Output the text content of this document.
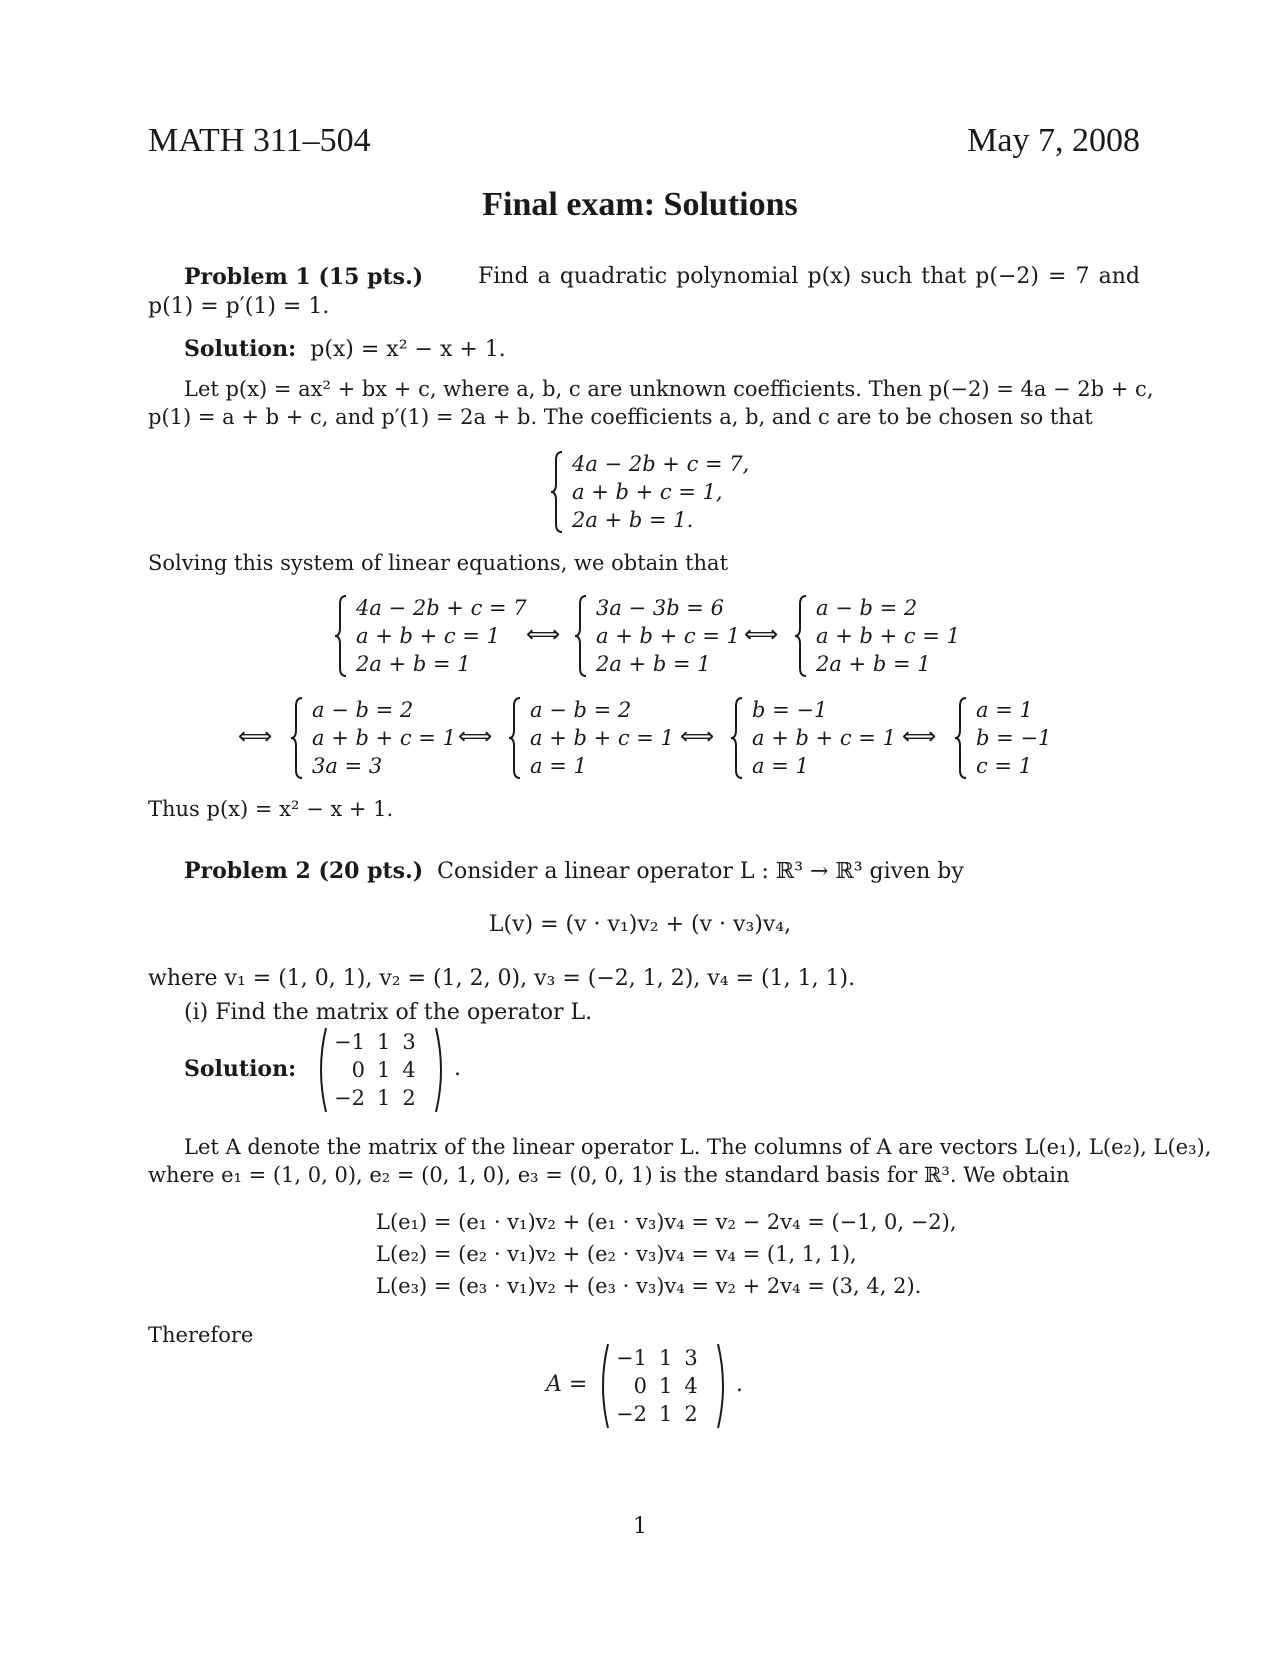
MATH 311–504	May 7, 2008
Final exam: Solutions
Problem 1 (15 pts.) Find a quadratic polynomial p(x) such that p(−2) = 7 and
p(1) = p′(1) = 1.
Solution: p(x) = x² − x + 1.
Let p(x) = ax² + bx + c, where a, b, c are unknown coefficients. Then p(−2) = 4a − 2b + c,
p(1) = a + b + c, and p′(1) = 2a + b. The coefficients a, b, and c are to be chosen so that
4a − 2b + c = 7,
a + b + c = 1,
2a + b = 1.
Solving this system of linear equations, we obtain that
4a − 2b + c = 7
a + b + c = 1
2a + b = 1
⟺
3a − 3b = 6
a + b + c = 1
2a + b = 1
⟺
a − b = 2
a + b + c = 1
2a + b = 1
⟺
a − b = 2
a + b + c = 1
3a = 3
⟺
a − b = 2
a + b + c = 1
a = 1
⟺
b = −1
a + b + c = 1
a = 1
⟺
a = 1
b = −1
c = 1
Thus p(x) = x² − x + 1.
Problem 2 (20 pts.) Consider a linear operator L : ℝ³ → ℝ³ given by
L(v) = (v · v₁)v₂ + (v · v₃)v₄,
where v₁ = (1, 0, 1), v₂ = (1, 2, 0), v₃ = (−2, 1, 2), v₄ = (1, 1, 1).
(i) Find the matrix of the operator L.
Solution:
−1	1	3
0	1	4
−2	1	2
.
Let A denote the matrix of the linear operator L. The columns of A are vectors L(e₁), L(e₂), L(e₃),
where e₁ = (1, 0, 0), e₂ = (0, 1, 0), e₃ = (0, 0, 1) is the standard basis for ℝ³. We obtain
L(e₁) = (e₁ · v₁)v₂ + (e₁ · v₃)v₄ = v₂ − 2v₄ = (−1, 0, −2),
L(e₂) = (e₂ · v₁)v₂ + (e₂ · v₃)v₄ = v₄ = (1, 1, 1),
L(e₃) = (e₃ · v₁)v₂ + (e₃ · v₃)v₄ = v₂ + 2v₄ = (3, 4, 2).
Therefore
A =
−1	1	3
0	1	4
−2	1	2
.
1
